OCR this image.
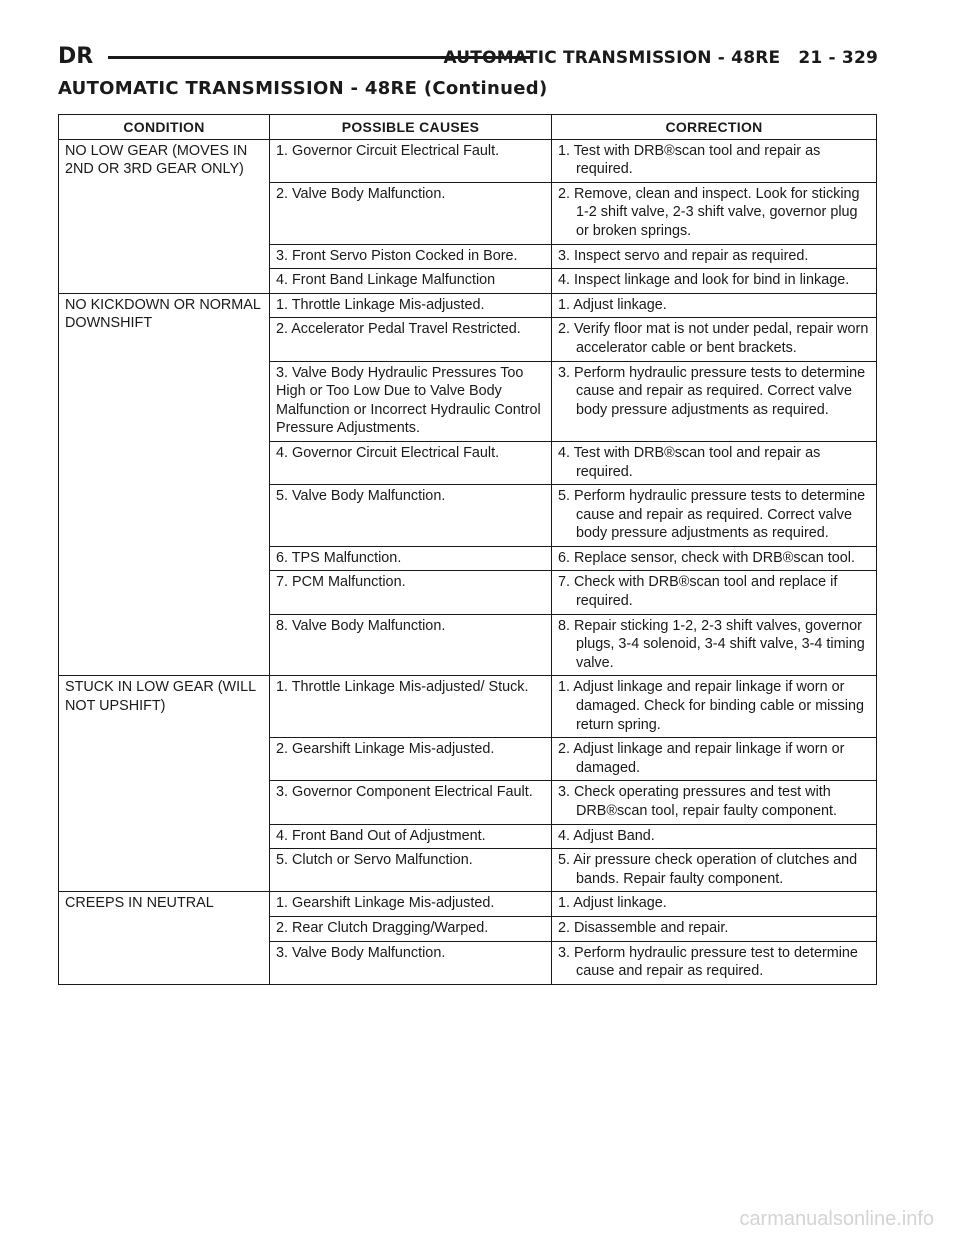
DR	AUTOMATIC TRANSMISSION - 48RE 21 - 329
AUTOMATIC TRANSMISSION - 48RE (Continued)
CONDITION	POSSIBLE CAUSES	CORRECTION
NO LOW GEAR (MOVES IN 2ND OR 3RD GEAR ONLY)	1. Governor Circuit Electrical Fault.	1. Test with DRB®scan tool and repair as required.

	2. Valve Body Malfunction.	2. Remove, clean and inspect. Look for sticking 1-2 shift valve, 2-3 shift valve, governor plug or broken springs.

	3. Front Servo Piston Cocked in Bore.	3. Inspect servo and repair as required.

	4. Front Band Linkage Malfunction	4. Inspect linkage and look for bind in linkage.

NO KICKDOWN OR NORMAL DOWNSHIFT	1. Throttle Linkage Mis-adjusted.	1. Adjust linkage.

	2. Accelerator Pedal Travel Restricted.	2. Verify floor mat is not under pedal, repair worn accelerator cable or bent brackets.

	3. Valve Body Hydraulic Pressures Too High or Too Low Due to Valve Body Malfunction or Incorrect Hydraulic Control Pressure Adjustments.	3. Perform hydraulic pressure tests to determine cause and repair as required. Correct valve body pressure adjustments as required.

	4. Governor Circuit Electrical Fault.	4. Test with DRB®scan tool and repair as required.

	5. Valve Body Malfunction.	5. Perform hydraulic pressure tests to determine cause and repair as required. Correct valve body pressure adjustments as required.

	6. TPS Malfunction.	6. Replace sensor, check with DRB®scan tool.

	7. PCM Malfunction.	7. Check with DRB®scan tool and replace if required.

	8. Valve Body Malfunction.	8. Repair sticking 1-2, 2-3 shift valves, governor plugs, 3-4 solenoid, 3-4 shift valve, 3-4 timing valve.

STUCK IN LOW GEAR (WILL NOT UPSHIFT)	1. Throttle Linkage Mis-adjusted/ Stuck.	1. Adjust linkage and repair linkage if worn or damaged. Check for binding cable or missing return spring.

	2. Gearshift Linkage Mis-adjusted.	2. Adjust linkage and repair linkage if worn or damaged.

	3. Governor Component Electrical Fault.	3. Check operating pressures and test with DRB®scan tool, repair faulty component.

	4. Front Band Out of Adjustment.	4. Adjust Band.

	5. Clutch or Servo Malfunction.	5. Air pressure check operation of clutches and bands. Repair faulty component.

CREEPS IN NEUTRAL	1. Gearshift Linkage Mis-adjusted.	1. Adjust linkage.

	2. Rear Clutch Dragging/Warped.	2. Disassemble and repair.

	3. Valve Body Malfunction.	3. Perform hydraulic pressure test to determine cause and repair as required.
carmanualsonline.info
